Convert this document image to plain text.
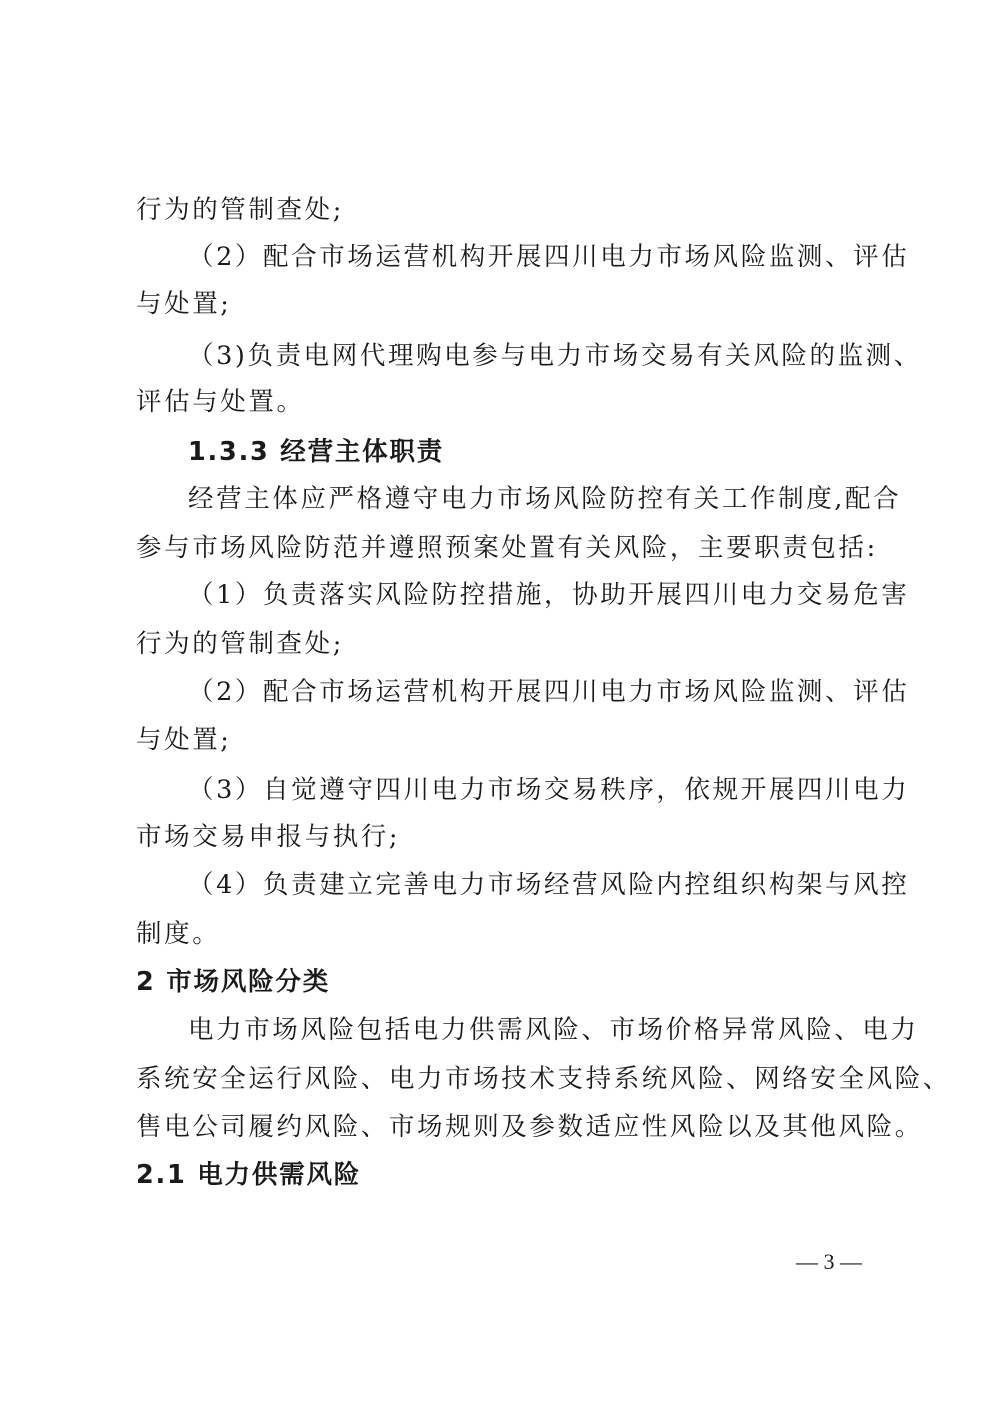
行为的管制查处;
（2）配合市场运营机构开展四川电力市场风险监测、评估
与处置;
（3)负责电网代理购电参与电力市场交易有关风险的监测、
评估与处置。
1.3.3 经营主体职责
经营主体应严格遵守电力市场风险防控有关工作制度,配合
参与市场风险防范并遵照预案处置有关风险，主要职责包括:
（1）负责落实风险防控措施，协助开展四川电力交易危害
行为的管制查处;
（2）配合市场运营机构开展四川电力市场风险监测、评估
与处置;
（3）自觉遵守四川电力市场交易秩序，依规开展四川电力
市场交易申报与执行;
（4）负责建立完善电力市场经营风险内控组织构架与风控
制度。
2 市场风险分类
电力市场风险包括电力供需风险、市场价格异常风险、电力
系统安全运行风险、电力市场技术支持系统风险、网络安全风险、
售电公司履约风险、市场规则及参数适应性风险以及其他风险。
2.1 电力供需风险
— 3 —
